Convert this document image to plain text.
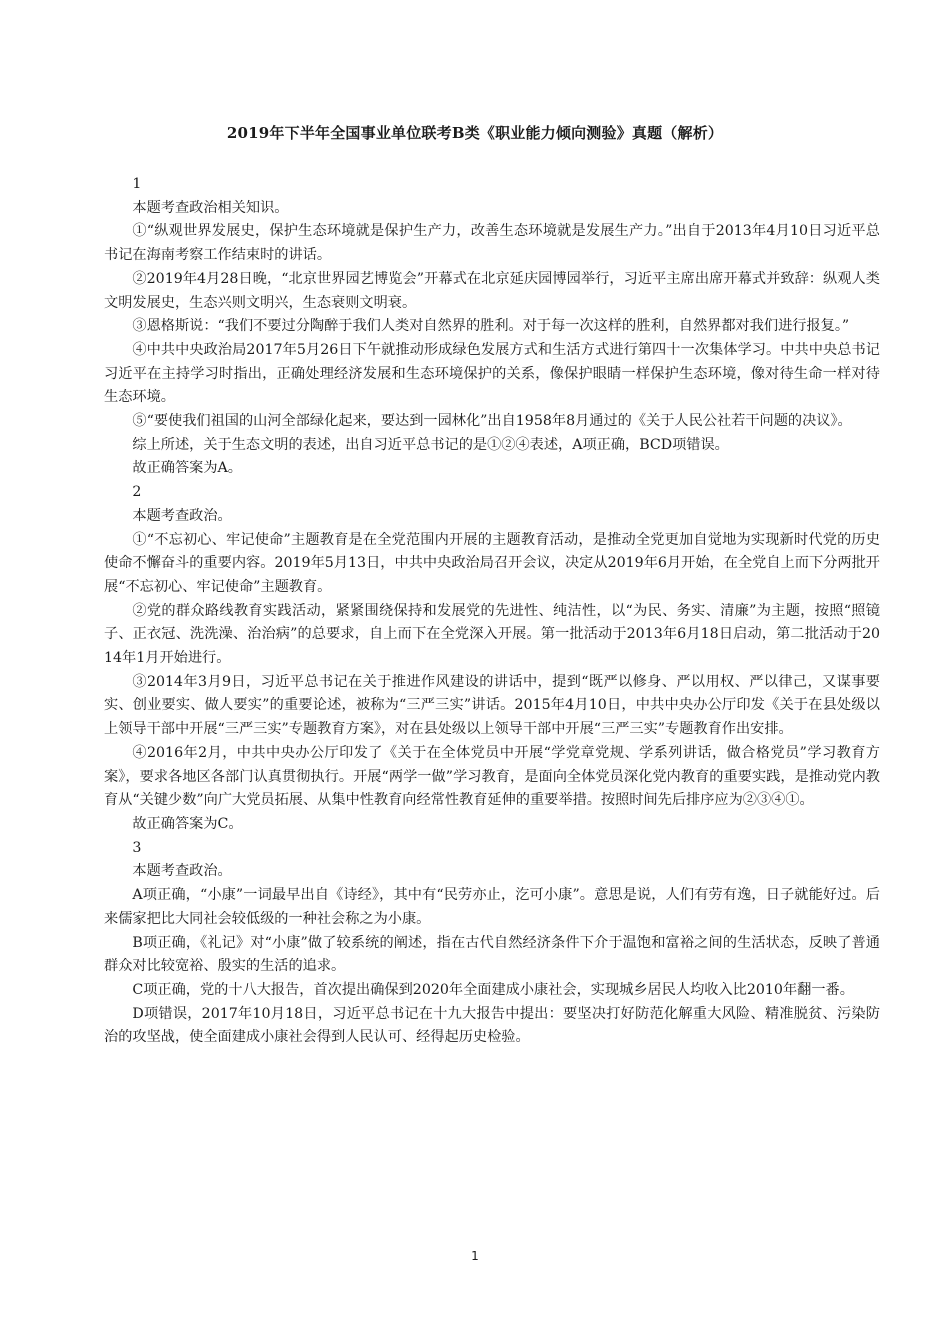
2019年下半年全国事业单位联考B类《职业能力倾向测验》真题（解析）

1

本题考查政治相关知识。

①“纵观世界发展史，保护生态环境就是保护生产力，改善生态环境就是发展生产力。”出自于2013年4月10日习近平总书记在海南考察工作结束时的讲话。

②2019年4月28日晚，“北京世界园艺博览会”开幕式在北京延庆园博园举行，习近平主席出席开幕式并致辞：纵观人类文明发展史，生态兴则文明兴，生态衰则文明衰。

③恩格斯说：“我们不要过分陶醉于我们人类对自然界的胜利。对于每一次这样的胜利，自然界都对我们进行报复。”

④中共中央政治局2017年5月26日下午就推动形成绿色发展方式和生活方式进行第四十一次集体学习。中共中央总书记习近平在主持学习时指出，正确处理经济发展和生态环境保护的关系，像保护眼睛一样保护生态环境，像对待生命一样对待生态环境。

⑤“要使我们祖国的山河全部绿化起来，要达到一园林化”出自1958年8月通过的《关于人民公社若干问题的决议》。

综上所述，关于生态文明的表述，出自习近平总书记的是①②④表述，A项正确，BCD项错误。

故正确答案为A。

2

本题考查政治。

①“不忘初心、牢记使命”主题教育是在全党范围内开展的主题教育活动，是推动全党更加自觉地为实现新时代党的历史使命不懈奋斗的重要内容。2019年5月13日，中共中央政治局召开会议，决定从2019年6月开始，在全党自上而下分两批开展“不忘初心、牢记使命”主题教育。

②党的群众路线教育实践活动，紧紧围绕保持和发展党的先进性、纯洁性，以“为民、务实、清廉”为主题，按照“照镜子、正衣冠、洗洗澡、治治病”的总要求，自上而下在全党深入开展。第一批活动于2013年6月18日启动，第二批活动于2014年1月开始进行。

③2014年3月9日，习近平总书记在关于推进作风建设的讲话中，提到“既严以修身、严以用权、严以律己，又谋事要实、创业要实、做人要实”的重要论述，被称为“三严三实”讲话。2015年4月10日，中共中央办公厅印发《关于在县处级以上领导干部中开展“三严三实”专题教育方案》，对在县处级以上领导干部中开展“三严三实”专题教育作出安排。

④2016年2月，中共中央办公厅印发了《关于在全体党员中开展“学党章党规、学系列讲话，做合格党员”学习教育方案》，要求各地区各部门认真贯彻执行。开展“两学一做”学习教育，是面向全体党员深化党内教育的重要实践，是推动党内教育从“关键少数”向广大党员拓展、从集中性教育向经常性教育延伸的重要举措。按照时间先后排序应为②③④①。

故正确答案为C。

3

本题考查政治。

A项正确，“小康”一词最早出自《诗经》，其中有“民劳亦止，汔可小康”。意思是说，人们有劳有逸，日子就能好过。后来儒家把比大同社会较低级的一种社会称之为小康。

B项正确，《礼记》对“小康”做了较系统的阐述，指在古代自然经济条件下介于温饱和富裕之间的生活状态，反映了普通群众对比较宽裕、殷实的生活的追求。

C项正确，党的十八大报告，首次提出确保到2020年全面建成小康社会，实现城乡居民人均收入比2010年翻一番。

D项错误，2017年10月18日，习近平总书记在十九大报告中提出：要坚决打好防范化解重大风险、精准脱贫、污染防治的攻坚战，使全面建成小康社会得到人民认可、经得起历史检验。

1
